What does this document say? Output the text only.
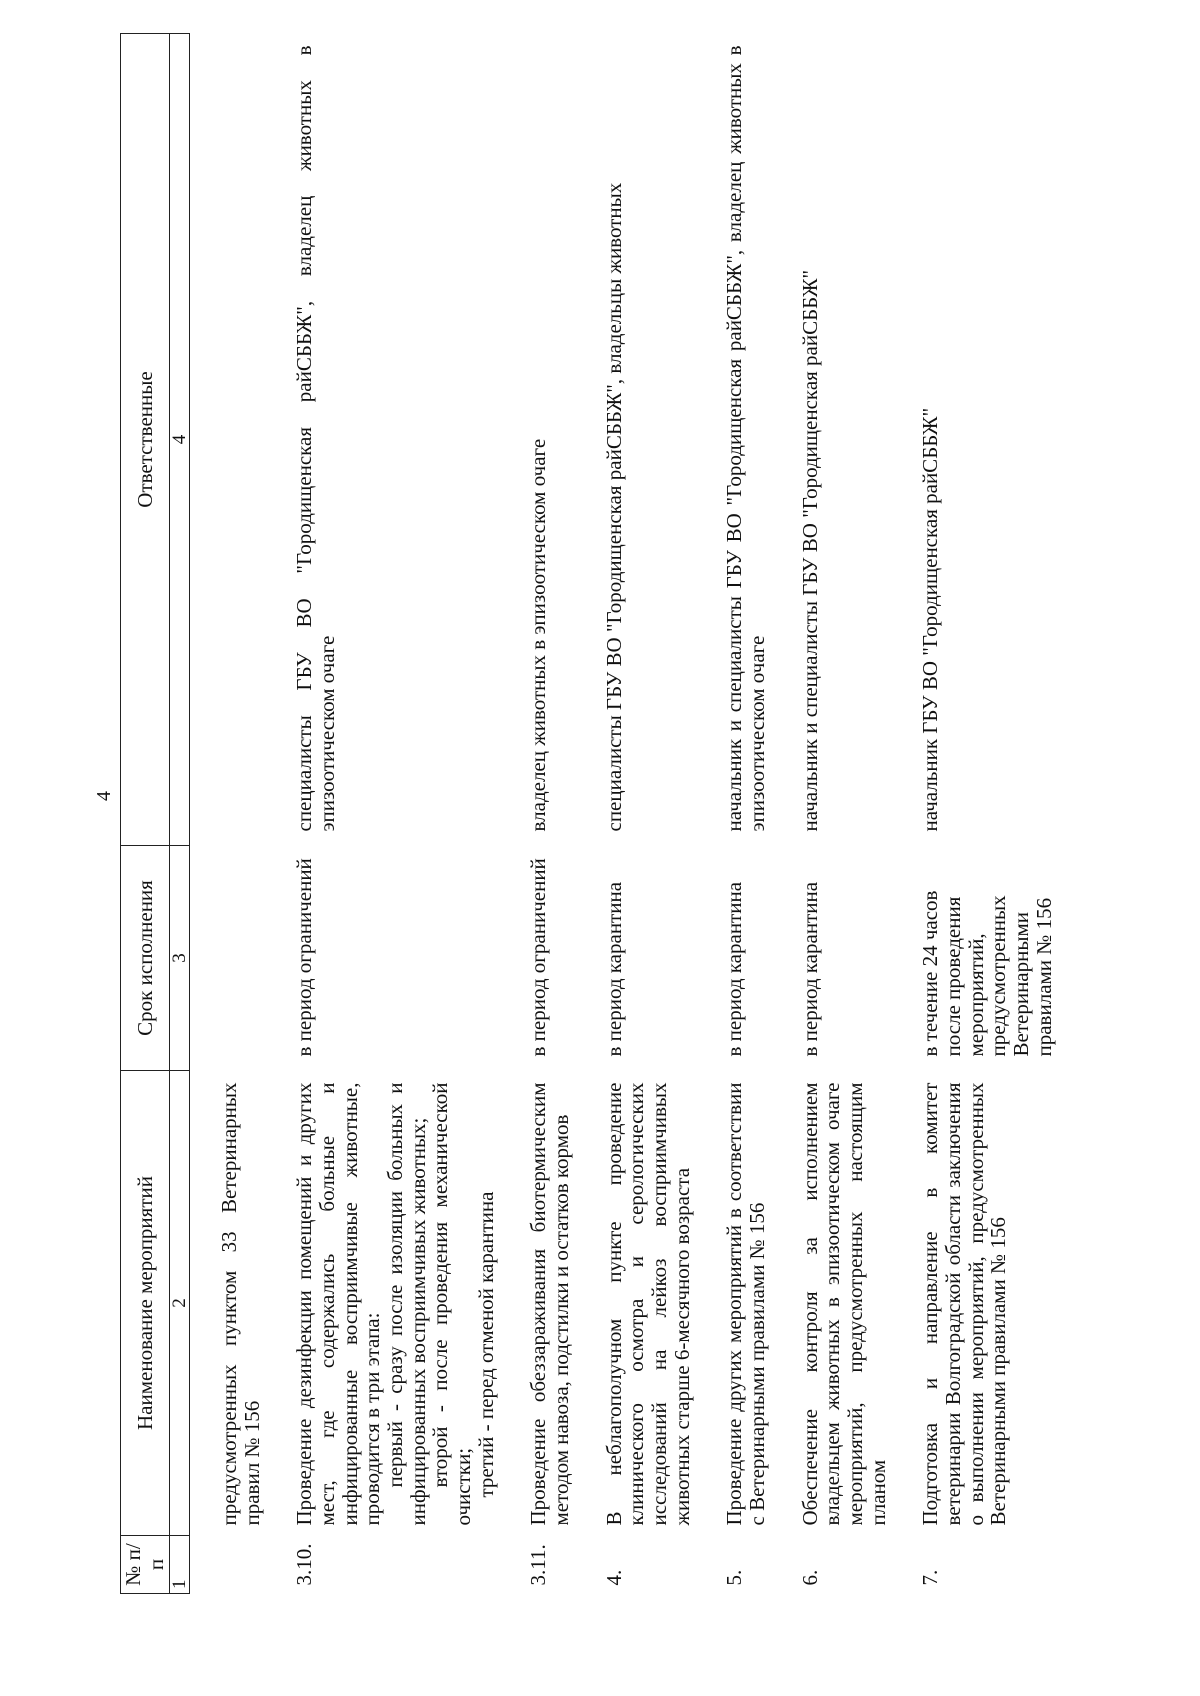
4
№ п/п	Наименование мероприятий	Срок исполнения	Ответственные
1	2	3	4
	предусмотренных пунктом 33 Ветеринарных правил № 156		

3.10.	Проведение дезинфекции помещений и других мест, где содержались больные и инфицированные восприимчивые животные, проводится в три этапа:
первый - сразу после изоляции больных и инфицированных восприимчивых животных;
второй - после проведения механической очистки;
третий - перед отменой карантина	в период ограничений	специалисты ГБУ ВО "Городищенская райСББЖ", владелец животных в эпизоотическом очаге

3.11.	Проведение обеззараживания биотермическим методом навоза, подстилки и остатков кормов	в период ограничений	владелец животных в эпизоотическом очаге

4.	В неблагополучном пункте проведение клинического осмотра и серологических исследований на лейкоз восприимчивых животных старше 6-месячного возраста	в период карантина	специалисты ГБУ ВО "Городищенская райСББЖ", владельцы животных

5.	Проведение других мероприятий в соответствии с Ветеринарными правилами № 156	в период карантина	начальник и специалисты ГБУ ВО "Городищенская райСББЖ", владелец животных в эпизоотическом очаге

6.	Обеспечение контроля за исполнением владельцем животных в эпизоотическом очаге мероприятий, предусмотренных настоящим планом	в период карантина	начальник и специалисты ГБУ ВО "Городищенская райСББЖ"

7.	Подготовка и направление в комитет ветеринарии Волгоградской области заключения о выполнении мероприятий, предусмотренных Ветеринарными правилами № 156	в течение 24 часов после проведения мероприятий, предусмотренных Ветеринарными правилами № 156	начальник ГБУ ВО "Городищенская райСББЖ"
